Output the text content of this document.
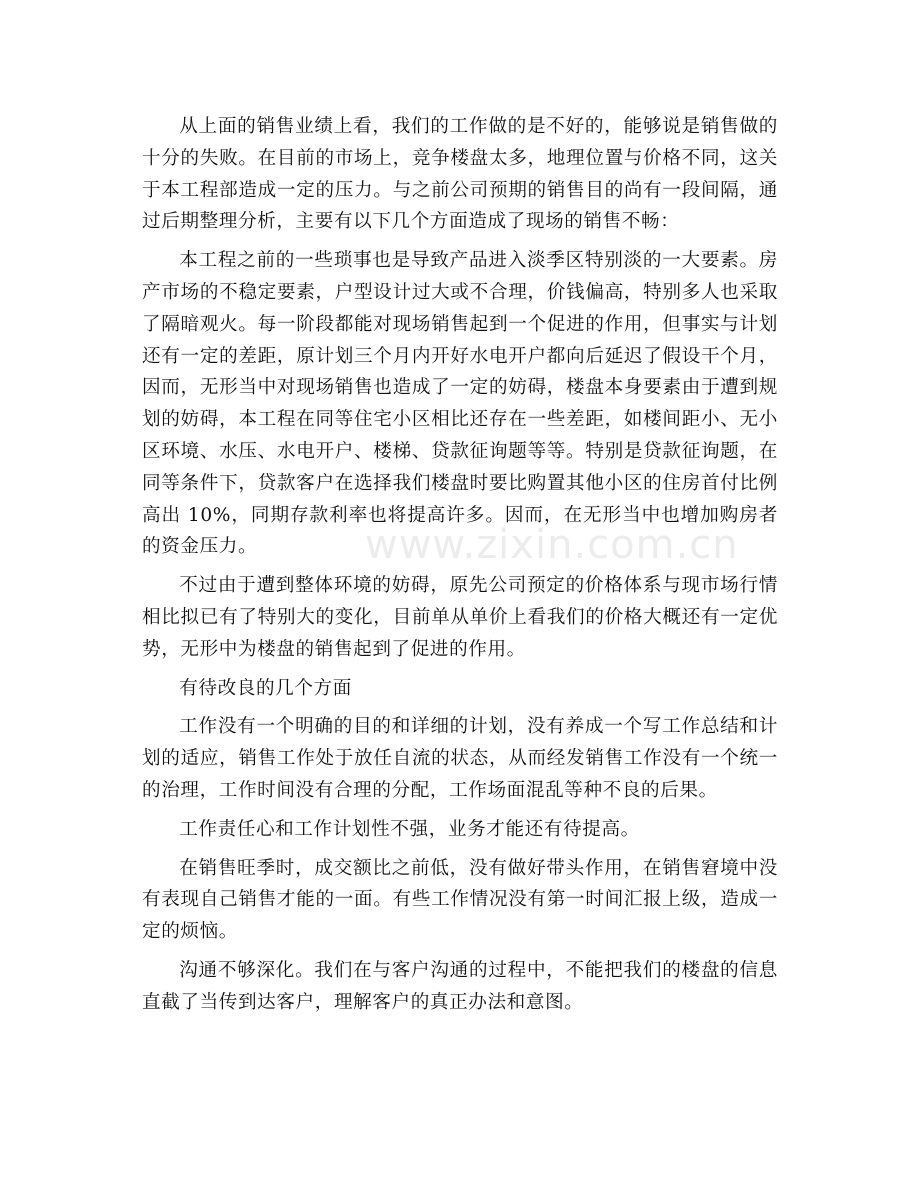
从上面的销售业绩上看，我们的工作做的是不好的，能够说是销售做的十分的失败。在目前的市场上，竞争楼盘太多，地理位置与价格不同，这关于本工程部造成一定的压力。与之前公司预期的销售目的尚有一段间隔，通过后期整理分析，主要有以下几个方面造成了现场的销售不畅：

本工程之前的一些琐事也是导致产品进入淡季区特别淡的一大要素。房产市场的不稳定要素，户型设计过大或不合理，价钱偏高，特别多人也采取了隔暗观火。每一阶段都能对现场销售起到一个促进的作用，但事实与计划还有一定的差距，原计划三个月内开好水电开户都向后延迟了假设干个月，因而，无形当中对现场销售也造成了一定的妨碍，楼盘本身要素由于遭到规划的妨碍，本工程在同等住宅小区相比还存在一些差距，如楼间距小、无小区环境、水压、水电开户、楼梯、贷款征询题等等。特别是贷款征询题，在同等条件下，贷款客户在选择我们楼盘时要比购置其他小区的住房首付比例高出 10%，同期存款利率也将提高许多。因而，在无形当中也增加购房者的资金压力。

不过由于遭到整体环境的妨碍，原先公司预定的价格体系与现市场行情相比拟已有了特别大的变化，目前单从单价上看我们的价格大概还有一定优势，无形中为楼盘的销售起到了促进的作用。

有待改良的几个方面

工作没有一个明确的目的和详细的计划，没有养成一个写工作总结和计划的适应，销售工作处于放任自流的状态，从而经发销售工作没有一个统一的治理，工作时间没有合理的分配，工作场面混乱等种不良的后果。

工作责任心和工作计划性不强，业务才能还有待提高。

在销售旺季时，成交额比之前低，没有做好带头作用，在销售窘境中没有表现自己销售才能的一面。有些工作情况没有第一时间汇报上级，造成一定的烦恼。

沟通不够深化。我们在与客户沟通的过程中，不能把我们的楼盘的信息直截了当传到达客户，理解客户的真正办法和意图。

www.zixin.com.cn
